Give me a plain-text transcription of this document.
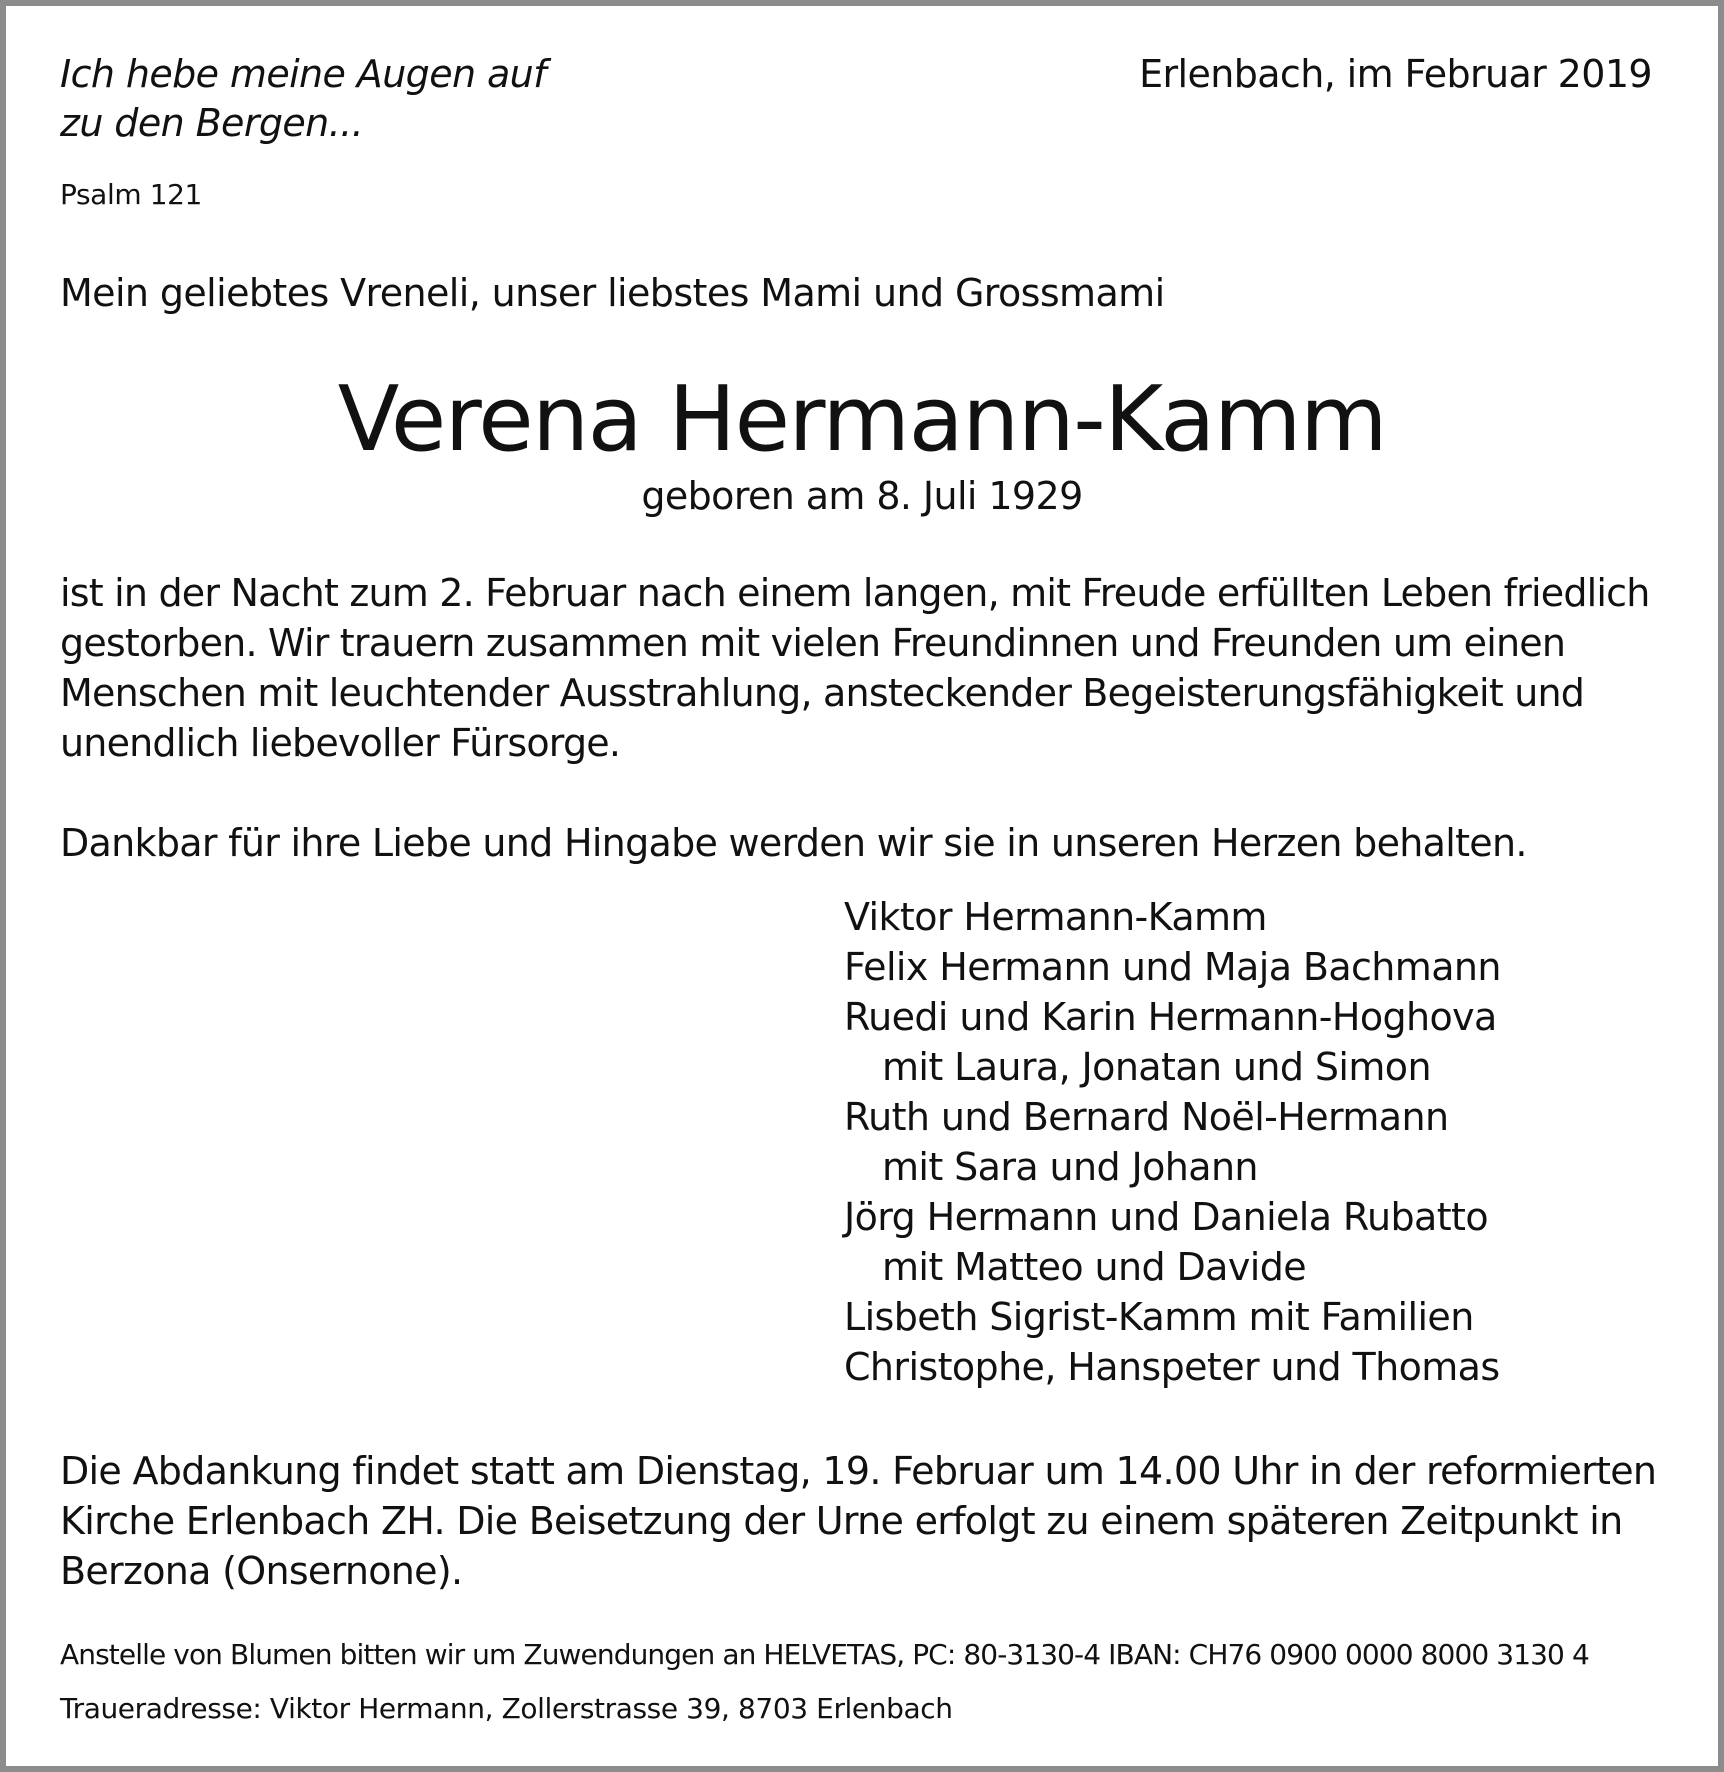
Ich hebe meine Augen auf
zu den Bergen...
Psalm 121
Erlenbach, im Februar 2019
Mein geliebtes Vreneli, unser liebstes Mami und Grossmami
Verena Hermann-Kamm
geboren am 8. Juli 1929
ist in der Nacht zum 2. Februar nach einem langen, mit Freude erfüllten Leben friedlich
gestorben. Wir trauern zusammen mit vielen Freundinnen und Freunden um einen
Menschen mit leuchtender Ausstrahlung, ansteckender Begeisterungsfähigkeit und
unendlich liebevoller Fürsorge.
Dankbar für ihre Liebe und Hingabe werden wir sie in unseren Herzen behalten.
Viktor Hermann-Kamm
Felix Hermann und Maja Bachmann
Ruedi und Karin Hermann-Hoghova
mit Laura, Jonatan und Simon
Ruth und Bernard Noël-Hermann
mit Sara und Johann
Jörg Hermann und Daniela Rubatto
mit Matteo und Davide
Lisbeth Sigrist-Kamm mit Familien
Christophe, Hanspeter und Thomas
Die Abdankung findet statt am Dienstag, 19. Februar um 14.00 Uhr in der reformierten
Kirche Erlenbach ZH. Die Beisetzung der Urne erfolgt zu einem späteren Zeitpunkt in
Berzona (Onsernone).
Anstelle von Blumen bitten wir um Zuwendungen an HELVETAS, PC: 80-3130-4 IBAN: CH76 0900 0000 8000 3130 4
Traueradresse: Viktor Hermann, Zollerstrasse 39, 8703 Erlenbach
